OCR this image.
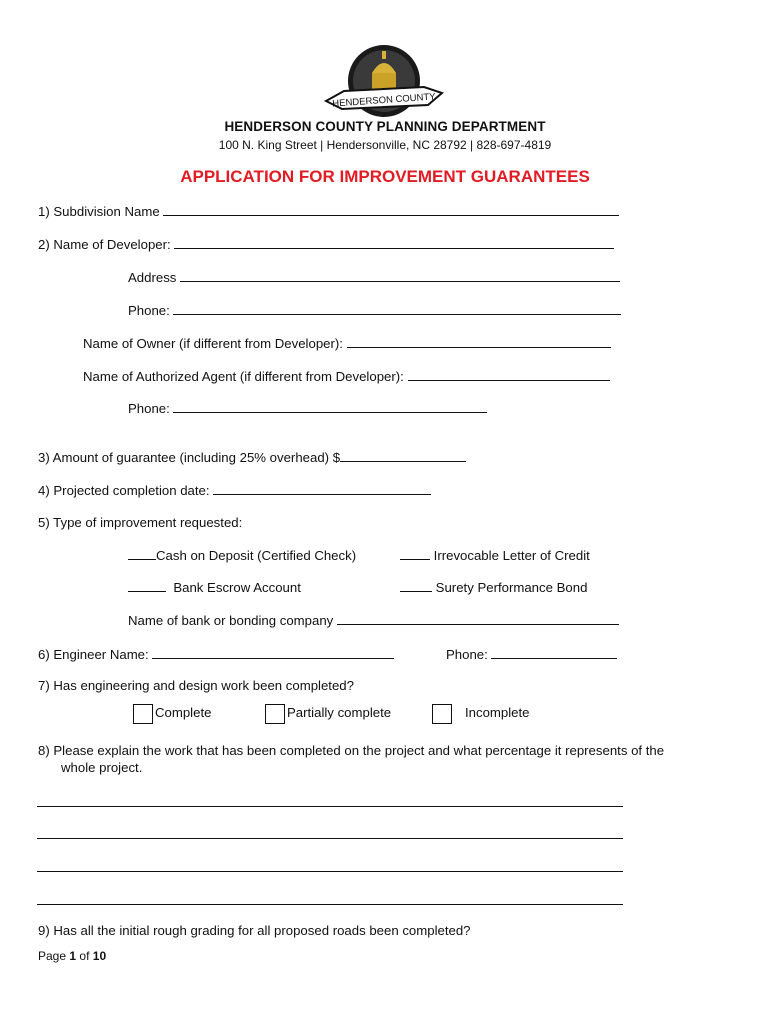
HENDERSON COUNTY
HENDERSON COUNTY PLANNING DEPARTMENT
100 N. King Street | Hendersonville, NC 28792 | 828-697-4819
APPLICATION FOR IMPROVEMENT GUARANTEES
1) Subdivision Name
2) Name of Developer:
Address
Phone:
Name of Owner (if different from Developer):
Name of Authorized Agent (if different from Developer):
Phone:
3) Amount of guarantee (including 25% overhead) $
4) Projected completion date:
5) Type of improvement requested:
Cash on Deposit (Certified Check)	Irrevocable Letter of Credit
Bank Escrow Account	Surety Performance Bond
Name of bank or bonding company
6) Engineer Name:	Phone:
7) Has engineering and design work been completed?
Complete	Partially complete	Incomplete
8) Please explain the work that has been completed on the project and what percentage it represents of the
whole project.
9) Has all the initial rough grading for all proposed roads been completed?
Page 1 of 10
